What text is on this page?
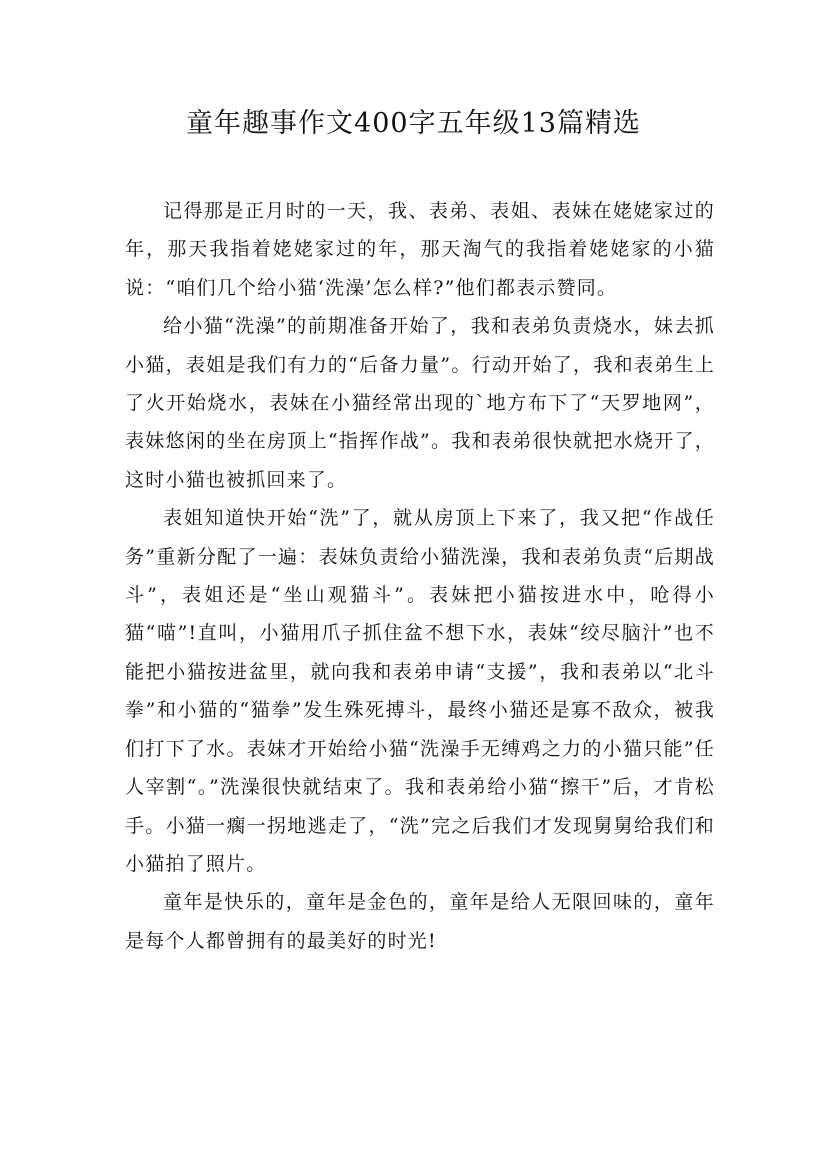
童年趣事作文400字五年级13篇精选

记得那是正月时的一天，我、表弟、表姐、表妹在姥姥家过的年，那天我指着姥姥家过的年，那天淘气的我指着姥姥家的小猫说：“咱们几个给小猫‘洗澡’怎么样?”他们都表示赞同。

给小猫“洗澡”的前期准备开始了，我和表弟负责烧水，妹去抓小猫，表姐是我们有力的“后备力量”。行动开始了，我和表弟生上了火开始烧水，表妹在小猫经常出现的`地方布下了“天罗地网”，表妹悠闲的坐在房顶上“指挥作战”。我和表弟很快就把水烧开了，这时小猫也被抓回来了。

表姐知道快开始“洗”了，就从房顶上下来了，我又把“作战任务”重新分配了一遍：表妹负责给小猫洗澡，我和表弟负责“后期战斗”，表姐还是“坐山观猫斗”。表妹把小猫按进水中，呛得小猫“喵”!直叫，小猫用爪子抓住盆不想下水，表妹“绞尽脑汁”也不能把小猫按进盆里，就向我和表弟申请“支援”，我和表弟以“北斗拳”和小猫的“猫拳”发生殊死搏斗，最终小猫还是寡不敌众，被我们打下了水。表妹才开始给小猫“洗澡手无缚鸡之力的小猫只能”任人宰割“。”洗澡很快就结束了。我和表弟给小猫“擦干”后，才肯松手。小猫一瘸一拐地逃走了，“洗”完之后我们才发现舅舅给我们和小猫拍了照片。

童年是快乐的，童年是金色的，童年是给人无限回味的，童年是每个人都曾拥有的最美好的时光!
